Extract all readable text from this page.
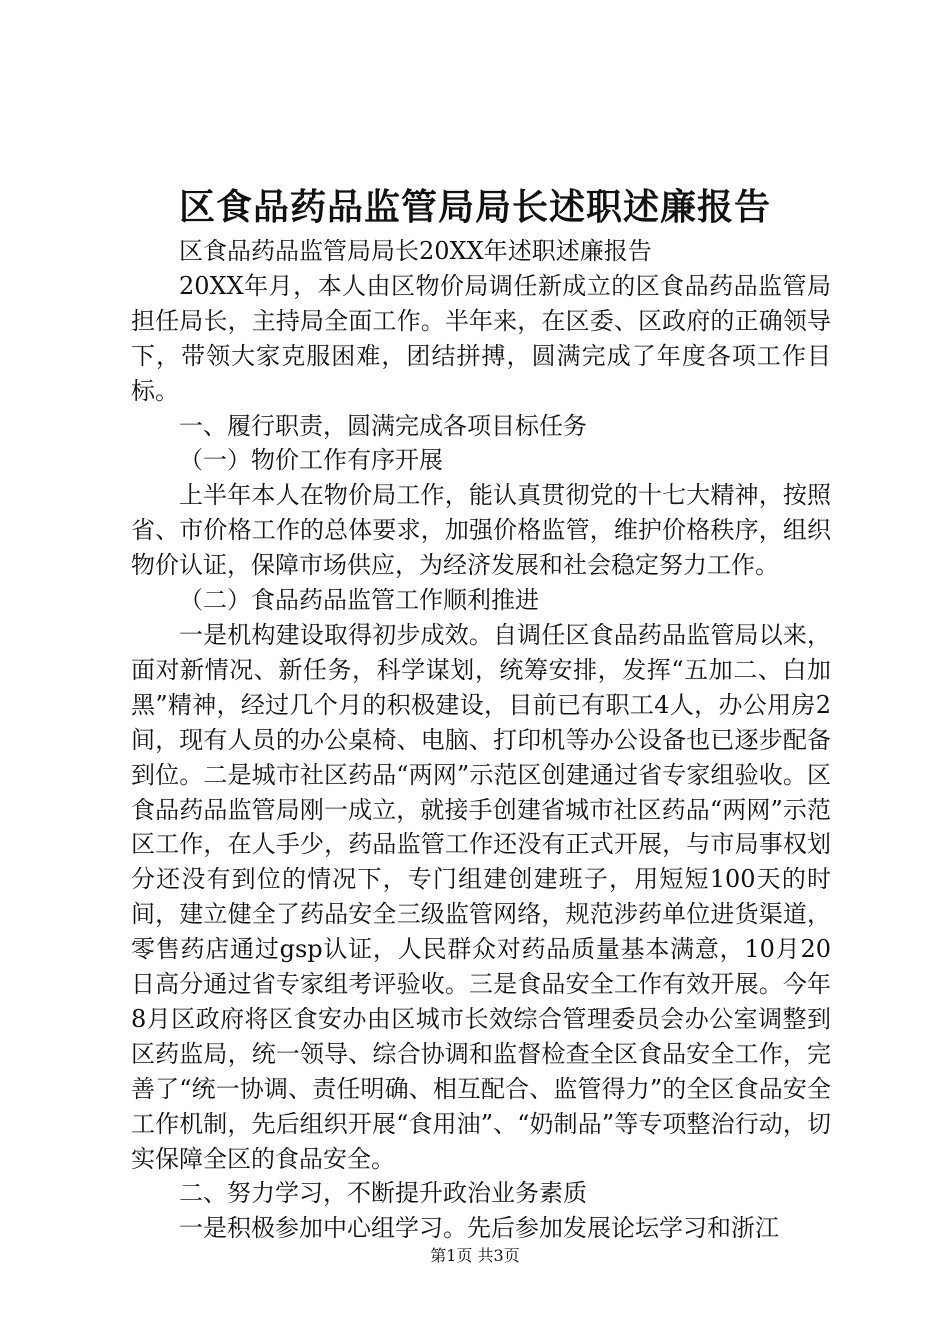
区食品药品监管局局长述职述廉报告

区食品药品监管局局长20XX年述职述廉报告

20XX年月，本人由区物价局调任新成立的区食品药品监管局担任局长，主持局全面工作。半年来，在区委、区政府的正确领导下，带领大家克服困难，团结拼搏，圆满完成了年度各项工作目标。

一、履行职责，圆满完成各项目标任务

（一）物价工作有序开展

上半年本人在物价局工作，能认真贯彻党的十七大精神，按照省、市价格工作的总体要求，加强价格监管，维护价格秩序，组织物价认证，保障市场供应，为经济发展和社会稳定努力工作。

（二）食品药品监管工作顺利推进

一是机构建设取得初步成效。自调任区食品药品监管局以来，面对新情况、新任务，科学谋划，统筹安排，发挥“五加二、白加黑”精神，经过几个月的积极建设，目前已有职工4人，办公用房2间，现有人员的办公桌椅、电脑、打印机等办公设备也已逐步配备到位。二是城市社区药品“两网”示范区创建通过省专家组验收。区食品药品监管局刚一成立，就接手创建省城市社区药品“两网”示范区工作，在人手少，药品监管工作还没有正式开展，与市局事权划分还没有到位的情况下，专门组建创建班子，用短短100天的时间，建立健全了药品安全三级监管网络，规范涉药单位进货渠道，零售药店通过gsp认证，人民群众对药品质量基本满意，10月20日高分通过省专家组考评验收。三是食品安全工作有效开展。今年8月区政府将区食安办由区城市长效综合管理委员会办公室调整到区药监局，统一领导、综合协调和监督检查全区食品安全工作，完善了“统一协调、责任明确、相互配合、监管得力”的全区食品安全工作机制，先后组织开展“食用油”、“奶制品”等专项整治行动，切实保障全区的食品安全。

二、努力学习，不断提升政治业务素质

一是积极参加中心组学习。先后参加发展论坛学习和浙江

第1页 共3页
